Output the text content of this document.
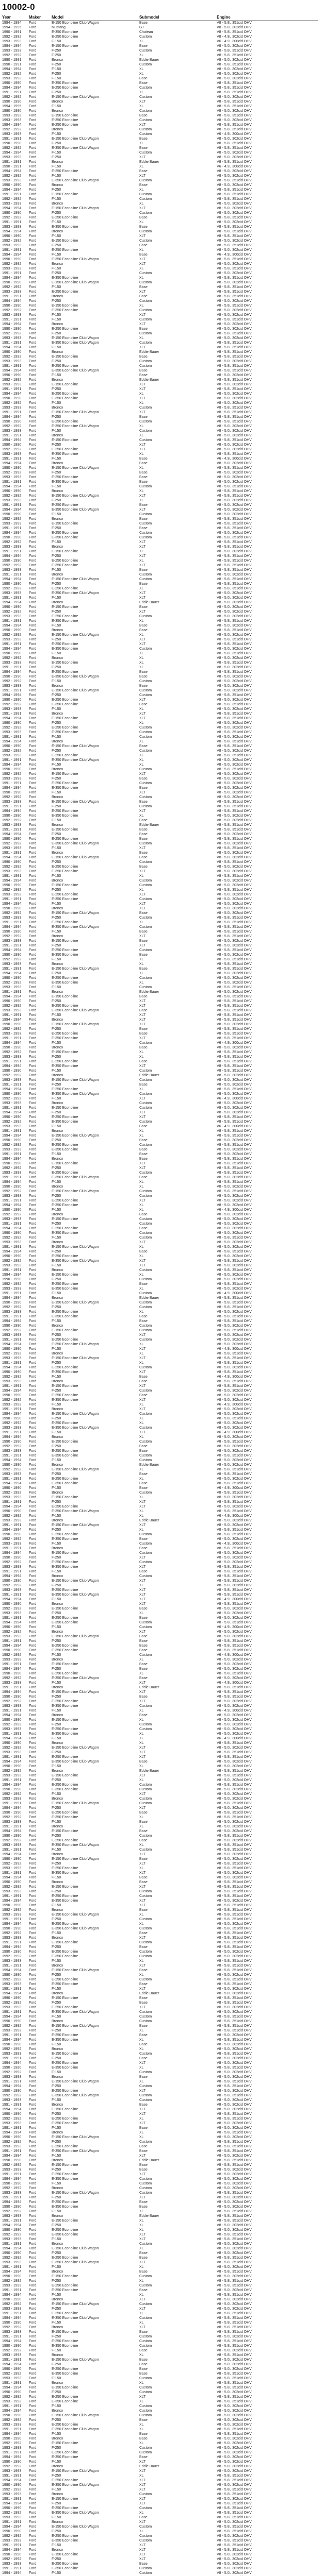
10002-0
Year	Maker	Model	Submodel	Engine
1994 - 1994	Ford	E-150 Econoline Club Wagon	Base	V8 - 5.8L 351cid OHV
1994 - 1995	Ford	Mustang	GT	V8 - 5.0L 302cid OHV
1990 - 1991	Ford	E-350 Econoline	Chateau	V8 - 5.8L 351cid OHV
1992 - 1992	Ford	E-250 Econoline	Custom	V8 - 4.9L 302cid OHV
1993 - 1993	Ford	F-150	XL	V6 - 4.9L 300cid OHV
1994 - 1994	Ford	E-150 Econoline	Base	V8 - 5.0L 302cid OHV
1993 - 1993	Ford	F-250	Custom	V8 - 5.8L 351cid OHV
1992 - 1992	Ford	F-250	XL	V8 - 5.8L 351cid OHV
1990 - 1991	Ford	Bronco	Eddie Bauer	V8 - 5.0L 302cid OHV
1990 - 1991	Ford	F-250	Custom	V8 - 5.8L 351cid OHV
1994 - 1994	Ford	F-150	XL	V8 - 5.0L 302cid OHV
1992 - 1992	Ford	F-250	XL	V8 - 5.0L 302cid OHV
1993 - 1993	Ford	F-150	Base	V8 - 5.0L 302cid OHV
1990 - 1990	Ford	E-350 Econoline	Base	V8 - 5.8L 351cid OHV
1994 - 1994	Ford	E-250 Econoline	Custom	V8 - 5.8L 351cid OHV
1991 - 1991	Ford	F-250	XL	V8 - 5.8L 351cid OHV
1992 - 1992	Ford	E-150 Econoline Club Wagon	Custom	V8 - 5.0L 302cid OHV
1990 - 1990	Ford	Bronco	XLT	V8 - 5.8L 351cid OHV
1994 - 1995	Ford	F-150	XL	V8 - 5.8L 351cid OHV
1990 - 1990	Ford	Bronco	Custom	V8 - 5.0L 302cid OHV
1993 - 1993	Ford	E-150 Econoline	Base	V8 - 5.8L 351cid OHV
1993 - 1993	Ford	E-350 Econoline	Custom	V8 - 5.0L 302cid OHV
1994 - 1994	Ford	E-250 Econoline	XLT	V8 - 5.8L 351cid OHV
1992 - 1992	Ford	Bronco	Custom	V8 - 5.8L 351cid OHV
1993 - 1993	Ford	F-150	Custom	V6 - 4.9L 300cid OHV
1991 - 1991	Ford	E-150 Econoline Club Wagon	Base	V8 - 5.0L 302cid OHV
1990 - 1990	Ford	F-250	XL	V8 - 5.8L 351cid OHV
1992 - 1992	Ford	E-350 Econoline Club Wagon	Base	V8 - 5.8L 351cid OHV
1994 - 1994	Ford	F-150	Custom	V8 - 5.0L 302cid OHV
1993 - 1993	Ford	F-250	XLT	V8 - 5.0L 302cid OHV
1991 - 1991	Ford	Bronco	Eddie Bauer	V8 - 5.8L 351cid OHV
1990 - 1991	Ford	F-150	XL	V6 - 4.9L 300cid OHV
1994 - 1994	Ford	E-250 Econoline	Base	V8 - 5.0L 302cid OHV
1992 - 1992	Ford	F-150	XLT	V8 - 5.0L 302cid OHV
1993 - 1993	Ford	E-350 Econoline Club Wagon	Custom	V8 - 5.8L 351cid OHV
1990 - 1990	Ford	Bronco	Base	V8 - 5.0L 302cid OHV
1994 - 1994	Ford	F-250	XL	V8 - 5.8L 351cid OHV
1991 - 1991	Ford	E-150 Econoline	Custom	V8 - 5.8L 351cid OHV
1992 - 1992	Ford	F-150	Custom	V8 - 5.8L 351cid OHV
1993 - 1993	Ford	Bronco	XL	V8 - 5.0L 302cid OHV
1994 - 1994	Ford	E-150 Econoline Club Wagon	XLT	V8 - 5.0L 302cid OHV
1990 - 1990	Ford	F-250	Custom	V8 - 5.0L 302cid OHV
1992 - 1992	Ford	E-250 Econoline	Base	V8 - 5.8L 351cid OHV
1991 - 1991	Ford	F-150	XL	V8 - 5.0L 302cid OHV
1993 - 1993	Ford	E-350 Econoline	Base	V8 - 5.8L 351cid OHV
1994 - 1994	Ford	Bronco	Custom	V8 - 5.8L 351cid OHV
1990 - 1990	Ford	F-150	XLT	V8 - 5.8L 351cid OHV
1992 - 1992	Ford	E-150 Econoline	Custom	V8 - 5.0L 302cid OHV
1993 - 1993	Ford	F-250	Base	V8 - 5.8L 351cid OHV
1991 - 1991	Ford	E-250 Econoline	XL	V8 - 5.0L 302cid OHV
1994 - 1994	Ford	F-150	Base	V6 - 4.9L 300cid OHV
1990 - 1990	Ford	E-350 Econoline Club Wagon	XLT	V8 - 5.8L 351cid OHV
1992 - 1992	Ford	Bronco	XLT	V8 - 5.0L 302cid OHV
1993 - 1993	Ford	F-150	XL	V8 - 5.8L 351cid OHV
1991 - 1991	Ford	F-250	Custom	V8 - 5.0L 302cid OHV
1994 - 1994	Ford	E-350 Econoline	XL	V8 - 5.8L 351cid OHV
1990 - 1990	Ford	E-150 Econoline Club Wagon	Custom	V8 - 5.0L 302cid OHV
1992 - 1992	Ford	F-150	Base	V8 - 5.8L 351cid OHV
1993 - 1993	Ford	E-250 Econoline	XLT	V8 - 5.8L 351cid OHV
1991 - 1991	Ford	Bronco	Base	V8 - 5.8L 351cid OHV
1994 - 1994	Ford	F-250	Custom	V8 - 5.0L 302cid OHV
1990 - 1990	Ford	E-150 Econoline	XL	V8 - 5.8L 351cid OHV
1992 - 1992	Ford	E-350 Econoline	Custom	V8 - 5.0L 302cid OHV
1993 - 1993	Ford	F-150	XLT	V8 - 5.0L 302cid OHV
1991 - 1991	Ford	F-150	Custom	V8 - 5.8L 351cid OHV
1994 - 1994	Ford	Bronco	XLT	V8 - 5.0L 302cid OHV
1990 - 1990	Ford	E-250 Econoline	Base	V8 - 5.0L 302cid OHV
1992 - 1992	Ford	F-250	Custom	V8 - 5.8L 351cid OHV
1993 - 1993	Ford	E-150 Econoline Club Wagon	XL	V8 - 5.0L 302cid OHV
1991 - 1991	Ford	E-350 Econoline Club Wagon	Custom	V8 - 5.8L 351cid OHV
1994 - 1994	Ford	F-150	XLT	V8 - 5.8L 351cid OHV
1990 - 1990	Ford	Bronco	Eddie Bauer	V8 - 5.8L 351cid OHV
1992 - 1992	Ford	E-150 Econoline	Base	V8 - 5.8L 351cid OHV
1993 - 1993	Ford	F-250	Custom	V8 - 5.0L 302cid OHV
1991 - 1991	Ford	E-250 Econoline	Custom	V8 - 5.8L 351cid OHV
1994 - 1994	Ford	E-350 Econoline Club Wagon	Base	V8 - 5.8L 351cid OHV
1990 - 1990	Ford	F-150	Base	V8 - 5.0L 302cid OHV
1992 - 1992	Ford	Bronco	Eddie Bauer	V8 - 5.8L 351cid OHV
1993 - 1993	Ford	E-150 Econoline	XLT	V8 - 5.0L 302cid OHV
1991 - 1991	Ford	F-250	XLT	V8 - 5.8L 351cid OHV
1994 - 1994	Ford	E-250 Econoline	XL	V8 - 5.0L 302cid OHV
1990 - 1990	Ford	E-350 Econoline	XLT	V8 - 5.0L 302cid OHV
1992 - 1992	Ford	F-150	XL	V8 - 5.0L 302cid OHV
1993 - 1993	Ford	Bronco	Custom	V8 - 5.8L 351cid OHV
1991 - 1991	Ford	E-150 Econoline Club Wagon	XLT	V8 - 5.8L 351cid OHV
1994 - 1994	Ford	F-250	Base	V8 - 5.8L 351cid OHV
1990 - 1990	Ford	E-250 Econoline	Custom	V8 - 5.8L 351cid OHV
1992 - 1992	Ford	E-350 Econoline Club Wagon	XL	V8 - 5.0L 302cid OHV
1993 - 1993	Ford	F-150	Custom	V8 - 5.0L 302cid OHV
1991 - 1991	Ford	Bronco	XL	V8 - 5.0L 302cid OHV
1994 - 1994	Ford	E-150 Econoline	Custom	V8 - 5.8L 351cid OHV
1990 - 1990	Ford	F-250	XLT	V8 - 5.0L 302cid OHV
1992 - 1992	Ford	E-250 Econoline	XLT	V8 - 5.0L 302cid OHV
1993 - 1993	Ford	E-350 Econoline	XL	V8 - 5.8L 351cid OHV
1991 - 1991	Ford	F-150	Base	V6 - 4.9L 300cid OHV
1994 - 1994	Ford	Bronco	Base	V8 - 5.0L 302cid OHV
1990 - 1990	Ford	E-150 Econoline Club Wagon	XL	V8 - 5.8L 351cid OHV
1992 - 1992	Ford	F-250	Base	V8 - 5.0L 302cid OHV
1993 - 1993	Ford	E-250 Econoline	Base	V8 - 5.0L 302cid OHV
1991 - 1991	Ford	E-350 Econoline	Base	V8 - 5.0L 302cid OHV
1994 - 1994	Ford	F-150	Custom	V8 - 5.8L 351cid OHV
1990 - 1990	Ford	Bronco	XL	V8 - 5.8L 351cid OHV
1992 - 1992	Ford	E-150 Econoline Club Wagon	XLT	V8 - 5.8L 351cid OHV
1993 - 1993	Ford	F-250	XL	V8 - 5.0L 302cid OHV
1991 - 1991	Ford	E-250 Econoline	Base	V8 - 5.0L 302cid OHV
1994 - 1994	Ford	E-350 Econoline Club Wagon	XLT	V8 - 5.0L 302cid OHV
1990 - 1990	Ford	F-150	Custom	V8 - 5.0L 302cid OHV
1992 - 1992	Ford	Bronco	Base	V8 - 5.8L 351cid OHV
1993 - 1993	Ford	E-150 Econoline	Custom	V8 - 5.8L 351cid OHV
1991 - 1991	Ford	F-250	Base	V8 - 5.8L 351cid OHV
1994 - 1994	Ford	E-250 Econoline	Custom	V8 - 5.0L 302cid OHV
1990 - 1990	Ford	E-350 Econoline	Custom	V8 - 5.8L 351cid OHV
1992 - 1992	Ford	F-150	XLT	V8 - 5.8L 351cid OHV
1993 - 1993	Ford	Bronco	XLT	V8 - 5.8L 351cid OHV
1991 - 1991	Ford	E-150 Econoline	XL	V8 - 5.0L 302cid OHV
1994 - 1994	Ford	F-250	XLT	V8 - 5.8L 351cid OHV
1990 - 1990	Ford	E-250 Econoline	XL	V8 - 5.8L 351cid OHV
1992 - 1992	Ford	E-350 Econoline	XLT	V8 - 5.8L 351cid OHV
1993 - 1993	Ford	F-150	Base	V8 - 5.8L 351cid OHV
1991 - 1991	Ford	Bronco	Custom	V8 - 5.0L 302cid OHV
1994 - 1994	Ford	E-150 Econoline Club Wagon	Custom	V8 - 5.8L 351cid OHV
1990 - 1990	Ford	F-250	Base	V8 - 5.8L 351cid OHV
1992 - 1992	Ford	E-250 Econoline	XL	V8 - 5.8L 351cid OHV
1993 - 1993	Ford	E-350 Econoline Club Wagon	XLT	V8 - 5.0L 302cid OHV
1991 - 1991	Ford	F-150	XLT	V8 - 5.0L 302cid OHV
1994 - 1994	Ford	Bronco	Eddie Bauer	V8 - 5.0L 302cid OHV
1990 - 1990	Ford	E-150 Econoline	Base	V8 - 5.0L 302cid OHV
1992 - 1992	Ford	F-250	XLT	V8 - 5.0L 302cid OHV
1993 - 1993	Ford	E-250 Econoline	Custom	V8 - 5.0L 302cid OHV
1991 - 1991	Ford	E-350 Econoline	XL	V8 - 5.8L 351cid OHV
1994 - 1994	Ford	F-150	Base	V8 - 5.0L 302cid OHV
1990 - 1990	Ford	Bronco	Base	V8 - 5.8L 351cid OHV
1992 - 1992	Ford	E-150 Econoline Club Wagon	XL	V8 - 5.0L 302cid OHV
1993 - 1993	Ford	F-250	XLT	V8 - 5.8L 351cid OHV
1991 - 1991	Ford	E-250 Econoline	XLT	V8 - 5.8L 351cid OHV
1994 - 1994	Ford	E-350 Econoline	Custom	V8 - 5.0L 302cid OHV
1990 - 1990	Ford	F-150	XL	V8 - 5.8L 351cid OHV
1992 - 1992	Ford	Bronco	XL	V8 - 5.0L 302cid OHV
1993 - 1993	Ford	E-150 Econoline	XL	V8 - 5.8L 351cid OHV
1991 - 1991	Ford	F-250	XL	V8 - 5.0L 302cid OHV
1994 - 1994	Ford	E-250 Econoline	Base	V8 - 5.8L 351cid OHV
1990 - 1990	Ford	E-350 Econoline Club Wagon	Base	V8 - 5.0L 302cid OHV
1992 - 1992	Ford	F-150	Custom	V8 - 5.0L 302cid OHV
1993 - 1993	Ford	Bronco	Base	V8 - 5.0L 302cid OHV
1991 - 1991	Ford	E-150 Econoline Club Wagon	Custom	V8 - 5.0L 302cid OHV
1994 - 1994	Ford	F-250	Custom	V8 - 5.8L 351cid OHV
1990 - 1990	Ford	E-250 Econoline	XLT	V8 - 5.0L 302cid OHV
1992 - 1992	Ford	E-350 Econoline	Base	V8 - 5.8L 351cid OHV
1993 - 1993	Ford	F-150	XL	V8 - 5.0L 302cid OHV
1991 - 1991	Ford	Bronco	XLT	V8 - 5.8L 351cid OHV
1994 - 1994	Ford	E-150 Econoline	XLT	V8 - 5.8L 351cid OHV
1990 - 1990	Ford	F-250	XL	V8 - 5.0L 302cid OHV
1992 - 1992	Ford	E-250 Econoline	Custom	V8 - 5.0L 302cid OHV
1993 - 1993	Ford	E-350 Econoline	Custom	V8 - 5.8L 351cid OHV
1991 - 1991	Ford	F-150	Custom	V8 - 5.0L 302cid OHV
1994 - 1994	Ford	Bronco	XL	V8 - 5.8L 351cid OHV
1990 - 1990	Ford	E-150 Econoline Club Wagon	Base	V8 - 5.8L 351cid OHV
1992 - 1992	Ford	F-250	Custom	V8 - 5.0L 302cid OHV
1993 - 1993	Ford	E-250 Econoline	XL	V8 - 5.8L 351cid OHV
1991 - 1991	Ford	E-350 Econoline Club Wagon	XL	V8 - 5.0L 302cid OHV
1994 - 1994	Ford	F-150	XL	V8 - 5.0L 302cid OHV
1990 - 1990	Ford	Bronco	Custom	V8 - 5.8L 351cid OHV
1992 - 1992	Ford	E-150 Econoline	XLT	V8 - 5.0L 302cid OHV
1993 - 1993	Ford	F-250	Base	V8 - 5.0L 302cid OHV
1991 - 1991	Ford	E-250 Econoline	Custom	V8 - 5.0L 302cid OHV
1994 - 1994	Ford	E-350 Econoline	Base	V8 - 5.0L 302cid OHV
1990 - 1990	Ford	F-150	XLT	V8 - 5.0L 302cid OHV
1992 - 1992	Ford	Bronco	Custom	V8 - 5.0L 302cid OHV
1993 - 1993	Ford	E-150 Econoline Club Wagon	Base	V8 - 5.8L 351cid OHV
1991 - 1991	Ford	F-250	Custom	V8 - 5.8L 351cid OHV
1994 - 1994	Ford	E-250 Econoline	XLT	V8 - 5.8L 351cid OHV
1990 - 1990	Ford	E-350 Econoline	XL	V8 - 5.0L 302cid OHV
1992 - 1992	Ford	F-150	Base	V8 - 5.0L 302cid OHV
1993 - 1993	Ford	Bronco	Eddie Bauer	V8 - 5.8L 351cid OHV
1991 - 1991	Ford	E-150 Econoline	Base	V8 - 5.8L 351cid OHV
1994 - 1994	Ford	F-250	Base	V8 - 5.0L 302cid OHV
1990 - 1990	Ford	E-250 Econoline	Base	V8 - 5.8L 351cid OHV
1992 - 1992	Ford	E-350 Econoline Club Wagon	Custom	V8 - 5.0L 302cid OHV
1993 - 1993	Ford	F-150	XLT	V8 - 5.8L 351cid OHV
1991 - 1991	Ford	Bronco	Base	V8 - 5.0L 302cid OHV
1994 - 1994	Ford	E-150 Econoline Club Wagon	Base	V8 - 5.0L 302cid OHV
1990 - 1990	Ford	F-250	Custom	V8 - 5.8L 351cid OHV
1992 - 1992	Ford	E-250 Econoline	Base	V8 - 5.0L 302cid OHV
1993 - 1993	Ford	E-350 Econoline	XLT	V8 - 5.0L 302cid OHV
1991 - 1991	Ford	F-150	XL	V8 - 5.8L 351cid OHV
1994 - 1994	Ford	Bronco	Custom	V8 - 5.0L 302cid OHV
1990 - 1990	Ford	E-150 Econoline	Custom	V8 - 5.0L 302cid OHV
1992 - 1992	Ford	F-250	XL	V8 - 5.8L 351cid OHV
1993 - 1993	Ford	E-250 Econoline	XLT	V8 - 5.0L 302cid OHV
1991 - 1991	Ford	E-350 Econoline	Custom	V8 - 5.0L 302cid OHV
1994 - 1994	Ford	F-150	XLT	V8 - 5.0L 302cid OHV
1990 - 1990	Ford	Bronco	XLT	V8 - 5.0L 302cid OHV
1992 - 1992	Ford	E-150 Econoline Club Wagon	Base	V8 - 5.0L 302cid OHV
1993 - 1993	Ford	F-250	Custom	V8 - 5.8L 351cid OHV
1991 - 1991	Ford	E-250 Econoline	XL	V8 - 5.8L 351cid OHV
1994 - 1994	Ford	E-350 Econoline Club Wagon	Custom	V8 - 5.8L 351cid OHV
1990 - 1990	Ford	F-150	Base	V8 - 5.8L 351cid OHV
1992 - 1992	Ford	Bronco	XLT	V8 - 5.8L 351cid OHV
1993 - 1993	Ford	E-150 Econoline	Base	V8 - 5.0L 302cid OHV
1991 - 1991	Ford	F-250	XLT	V8 - 5.0L 302cid OHV
1994 - 1994	Ford	E-250 Econoline	Custom	V8 - 5.8L 351cid OHV
1990 - 1990	Ford	E-350 Econoline	Base	V8 - 5.0L 302cid OHV
1992 - 1992	Ford	F-150	XL	V8 - 5.8L 351cid OHV
1993 - 1993	Ford	Bronco	XL	V8 - 5.8L 351cid OHV
1991 - 1991	Ford	E-150 Econoline Club Wagon	Base	V8 - 5.8L 351cid OHV
1994 - 1994	Ford	F-250	XL	V8 - 5.0L 302cid OHV
1990 - 1990	Ford	E-250 Econoline	Custom	V8 - 5.0L 302cid OHV
1992 - 1992	Ford	E-350 Econoline	XL	V8 - 5.0L 302cid OHV
1993 - 1993	Ford	F-150	Custom	V8 - 5.8L 351cid OHV
1991 - 1991	Ford	Bronco	Eddie Bauer	V8 - 5.0L 302cid OHV
1994 - 1994	Ford	E-150 Econoline	Base	V8 - 5.8L 351cid OHV
1990 - 1990	Ford	F-250	XLT	V8 - 5.8L 351cid OHV
1992 - 1992	Ford	E-250 Econoline	XLT	V8 - 5.8L 351cid OHV
1993 - 1993	Ford	E-350 Econoline Club Wagon	Base	V8 - 5.8L 351cid OHV
1991 - 1991	Ford	F-150	XLT	V8 - 5.8L 351cid OHV
1994 - 1994	Ford	Bronco	XLT	V8 - 5.8L 351cid OHV
1990 - 1990	Ford	E-150 Econoline Club Wagon	XLT	V8 - 5.0L 302cid OHV
1992 - 1992	Ford	F-250	Base	V8 - 5.8L 351cid OHV
1993 - 1993	Ford	E-250 Econoline	Base	V8 - 5.8L 351cid OHV
1991 - 1991	Ford	E-350 Econoline	XLT	V8 - 5.8L 351cid OHV
1994 - 1994	Ford	F-150	Custom	V6 - 4.9L 300cid OHV
1990 - 1990	Ford	Bronco	Base	V8 - 5.0L 302cid OHV
1992 - 1992	Ford	E-150 Econoline	XL	V8 - 5.8L 351cid OHV
1993 - 1993	Ford	F-250	XL	V8 - 5.8L 351cid OHV
1991 - 1991	Ford	E-250 Econoline	Base	V8 - 5.8L 351cid OHV
1994 - 1994	Ford	E-350 Econoline	XLT	V8 - 5.8L 351cid OHV
1990 - 1990	Ford	F-150	Custom	V8 - 5.8L 351cid OHV
1992 - 1992	Ford	Bronco	Eddie Bauer	V8 - 5.0L 302cid OHV
1993 - 1993	Ford	E-150 Econoline Club Wagon	Custom	V8 - 5.0L 302cid OHV
1991 - 1991	Ford	F-250	Base	V8 - 5.0L 302cid OHV
1994 - 1994	Ford	E-250 Econoline	XL	V8 - 5.8L 351cid OHV
1990 - 1990	Ford	E-350 Econoline Club Wagon	Custom	V8 - 5.0L 302cid OHV
1992 - 1992	Ford	F-150	XLT	V6 - 4.9L 300cid OHV
1993 - 1993	Ford	Bronco	Custom	V8 - 5.0L 302cid OHV
1991 - 1991	Ford	E-150 Econoline	Custom	V8 - 5.0L 302cid OHV
1994 - 1994	Ford	F-250	XLT	V8 - 5.0L 302cid OHV
1990 - 1990	Ford	E-250 Econoline	XLT	V8 - 5.8L 351cid OHV
1992 - 1992	Ford	E-350 Econoline	Custom	V8 - 5.8L 351cid OHV
1993 - 1993	Ford	F-150	Base	V6 - 4.9L 300cid OHV
1991 - 1991	Ford	Bronco	XL	V8 - 5.8L 351cid OHV
1994 - 1994	Ford	E-150 Econoline Club Wagon	XL	V8 - 5.8L 351cid OHV
1990 - 1990	Ford	F-250	Base	V8 - 5.0L 302cid OHV
1992 - 1992	Ford	E-250 Econoline	Custom	V8 - 5.8L 351cid OHV
1993 - 1993	Ford	E-350 Econoline	Base	V8 - 5.0L 302cid OHV
1991 - 1991	Ford	F-150	Base	V8 - 5.0L 302cid OHV
1994 - 1994	Ford	Bronco	Base	V8 - 5.8L 351cid OHV
1990 - 1990	Ford	E-150 Econoline	XLT	V8 - 5.8L 351cid OHV
1992 - 1992	Ford	F-250	XLT	V8 - 5.8L 351cid OHV
1993 - 1993	Ford	E-250 Econoline	Custom	V8 - 5.8L 351cid OHV
1991 - 1991	Ford	E-350 Econoline Club Wagon	Base	V8 - 5.0L 302cid OHV
1994 - 1994	Ford	F-150	XL	V8 - 5.8L 351cid OHV
1990 - 1990	Ford	Bronco	XL	V8 - 5.0L 302cid OHV
1992 - 1992	Ford	E-150 Econoline Club Wagon	Custom	V8 - 5.8L 351cid OHV
1993 - 1993	Ford	F-250	Custom	V8 - 5.0L 302cid OHV
1991 - 1991	Ford	E-250 Econoline	XLT	V8 - 5.0L 302cid OHV
1994 - 1994	Ford	E-350 Econoline	XL	V8 - 5.0L 302cid OHV
1990 - 1990	Ford	F-150	XL	V6 - 4.9L 300cid OHV
1992 - 1992	Ford	Bronco	Base	V8 - 5.0L 302cid OHV
1993 - 1993	Ford	E-150 Econoline	Custom	V8 - 5.0L 302cid OHV
1991 - 1991	Ford	F-250	Custom	V8 - 5.0L 302cid OHV
1994 - 1994	Ford	E-250 Econoline	Base	V8 - 5.0L 302cid OHV
1990 - 1990	Ford	E-350 Econoline	Custom	V8 - 5.0L 302cid OHV
1992 - 1992	Ford	F-150	Custom	V8 - 5.8L 351cid OHV
1993 - 1993	Ford	Bronco	XLT	V8 - 5.0L 302cid OHV
1991 - 1991	Ford	E-150 Econoline Club Wagon	XL	V8 - 5.0L 302cid OHV
1994 - 1994	Ford	F-250	Base	V8 - 5.8L 351cid OHV
1990 - 1990	Ford	E-250 Econoline	XL	V8 - 5.0L 302cid OHV
1992 - 1992	Ford	E-350 Econoline Club Wagon	XLT	V8 - 5.8L 351cid OHV
1993 - 1993	Ford	F-150	XLT	V8 - 5.0L 302cid OHV
1991 - 1991	Ford	Bronco	Custom	V8 - 5.8L 351cid OHV
1994 - 1994	Ford	E-150 Econoline	XL	V8 - 5.0L 302cid OHV
1990 - 1990	Ford	F-250	Custom	V8 - 5.0L 302cid OHV
1992 - 1992	Ford	E-250 Econoline	Base	V8 - 5.8L 351cid OHV
1993 - 1993	Ford	E-350 Econoline	XL	V8 - 5.0L 302cid OHV
1991 - 1991	Ford	F-150	Custom	V6 - 4.9L 300cid OHV
1994 - 1994	Ford	Bronco	Eddie Bauer	V8 - 5.8L 351cid OHV
1990 - 1990	Ford	E-150 Econoline Club Wagon	Custom	V8 - 5.8L 351cid OHV
1992 - 1992	Ford	F-250	Custom	V8 - 5.8L 351cid OHV
1993 - 1993	Ford	E-250 Econoline	XL	V8 - 5.0L 302cid OHV
1991 - 1991	Ford	E-350 Econoline	Base	V8 - 5.8L 351cid OHV
1994 - 1994	Ford	F-150	Base	V8 - 5.8L 351cid OHV
1990 - 1990	Ford	Bronco	Custom	V8 - 5.0L 302cid OHV
1992 - 1992	Ford	E-150 Econoline	Custom	V8 - 5.8L 351cid OHV
1993 - 1993	Ford	F-250	XLT	V8 - 5.0L 302cid OHV
1991 - 1991	Ford	E-250 Econoline	Custom	V8 - 5.0L 302cid OHV
1994 - 1994	Ford	E-350 Econoline Club Wagon	XL	V8 - 5.0L 302cid OHV
1990 - 1990	Ford	F-150	XLT	V6 - 4.9L 300cid OHV
1992 - 1992	Ford	Bronco	XL	V8 - 5.8L 351cid OHV
1993 - 1993	Ford	E-150 Econoline Club Wagon	XLT	V8 - 5.8L 351cid OHV
1991 - 1991	Ford	F-250	XL	V8 - 5.8L 351cid OHV
1994 - 1994	Ford	E-250 Econoline	Custom	V8 - 5.0L 302cid OHV
1990 - 1990	Ford	E-350 Econoline	XLT	V8 - 5.8L 351cid OHV
1992 - 1992	Ford	F-150	Base	V6 - 4.9L 300cid OHV
1993 - 1993	Ford	Bronco	Base	V8 - 5.8L 351cid OHV
1991 - 1991	Ford	E-150 Econoline	XLT	V8 - 5.8L 351cid OHV
1994 - 1994	Ford	F-250	Custom	V8 - 5.0L 302cid OHV
1990 - 1990	Ford	E-250 Econoline	Base	V8 - 5.0L 302cid OHV
1992 - 1992	Ford	E-350 Econoline	XLT	V8 - 5.0L 302cid OHV
1993 - 1993	Ford	F-150	XL	V6 - 4.9L 300cid OHV
1991 - 1991	Ford	Bronco	XLT	V8 - 5.0L 302cid OHV
1994 - 1994	Ford	E-150 Econoline Club Wagon	Custom	V8 - 5.0L 302cid OHV
1990 - 1990	Ford	F-250	XL	V8 - 5.8L 351cid OHV
1992 - 1992	Ford	E-250 Econoline	XL	V8 - 5.0L 302cid OHV
1993 - 1993	Ford	E-350 Econoline Club Wagon	Custom	V8 - 5.0L 302cid OHV
1991 - 1991	Ford	F-150	XLT	V6 - 4.9L 300cid OHV
1994 - 1994	Ford	Bronco	XL	V8 - 5.0L 302cid OHV
1990 - 1990	Ford	E-150 Econoline	Custom	V8 - 5.8L 351cid OHV
1992 - 1992	Ford	F-250	Base	V8 - 5.0L 302cid OHV
1993 - 1993	Ford	E-250 Econoline	Base	V8 - 5.0L 302cid OHV
1991 - 1991	Ford	E-350 Econoline	Custom	V8 - 5.8L 351cid OHV
1994 - 1994	Ford	F-150	Custom	V8 - 5.0L 302cid OHV
1990 - 1990	Ford	Bronco	Eddie Bauer	V8 - 5.0L 302cid OHV
1992 - 1992	Ford	E-150 Econoline Club Wagon	XL	V8 - 5.8L 351cid OHV
1993 - 1993	Ford	F-250	Base	V8 - 5.8L 351cid OHV
1991 - 1991	Ford	E-250 Econoline	XL	V8 - 5.0L 302cid OHV
1994 - 1994	Ford	E-350 Econoline	Base	V8 - 5.8L 351cid OHV
1990 - 1990	Ford	F-150	Base	V6 - 4.9L 300cid OHV
1992 - 1992	Ford	Bronco	Custom	V8 - 5.8L 351cid OHV
1993 - 1993	Ford	E-150 Econoline	XL	V8 - 5.0L 302cid OHV
1991 - 1991	Ford	F-250	XLT	V8 - 5.8L 351cid OHV
1994 - 1994	Ford	E-250 Econoline	XLT	V8 - 5.0L 302cid OHV
1990 - 1990	Ford	E-350 Econoline Club Wagon	XL	V8 - 5.8L 351cid OHV
1992 - 1992	Ford	F-150	XL	V6 - 4.9L 300cid OHV
1993 - 1993	Ford	Bronco	Eddie Bauer	V8 - 5.0L 302cid OHV
1991 - 1991	Ford	E-150 Econoline Club Wagon	XLT	V8 - 5.0L 302cid OHV
1994 - 1994	Ford	F-250	XL	V8 - 5.8L 351cid OHV
1990 - 1990	Ford	E-250 Econoline	Custom	V8 - 5.8L 351cid OHV
1992 - 1992	Ford	E-350 Econoline	Base	V8 - 5.0L 302cid OHV
1993 - 1993	Ford	F-150	Custom	V6 - 4.9L 300cid OHV
1991 - 1991	Ford	Bronco	Base	V8 - 5.8L 351cid OHV
1994 - 1994	Ford	E-150 Econoline	Custom	V8 - 5.0L 302cid OHV
1990 - 1990	Ford	F-250	XLT	V8 - 5.0L 302cid OHV
1992 - 1992	Ford	E-250 Econoline	Custom	V8 - 5.0L 302cid OHV
1993 - 1993	Ford	E-350 Econoline	XLT	V8 - 5.8L 351cid OHV
1991 - 1991	Ford	F-150	Base	V8 - 5.8L 351cid OHV
1994 - 1994	Ford	Bronco	Custom	V8 - 5.8L 351cid OHV
1990 - 1990	Ford	E-150 Econoline Club Wagon	XLT	V8 - 5.8L 351cid OHV
1992 - 1992	Ford	F-250	XL	V8 - 5.0L 302cid OHV
1993 - 1993	Ford	E-250 Econoline	XLT	V8 - 5.8L 351cid OHV
1991 - 1991	Ford	E-350 Econoline Club Wagon	XLT	V8 - 5.8L 351cid OHV
1994 - 1994	Ford	F-150	XLT	V6 - 4.9L 300cid OHV
1990 - 1990	Ford	Bronco	XLT	V8 - 5.8L 351cid OHV
1992 - 1992	Ford	E-150 Econoline	Base	V8 - 5.0L 302cid OHV
1993 - 1993	Ford	F-250	XL	V8 - 5.0L 302cid OHV
1991 - 1991	Ford	E-250 Econoline	Base	V8 - 5.0L 302cid OHV
1994 - 1994	Ford	E-350 Econoline	Custom	V8 - 5.8L 351cid OHV
1990 - 1990	Ford	F-150	Custom	V6 - 4.9L 300cid OHV
1992 - 1992	Ford	Bronco	XLT	V8 - 5.0L 302cid OHV
1993 - 1993	Ford	E-150 Econoline Club Wagon	Base	V8 - 5.0L 302cid OHV
1991 - 1991	Ford	F-250	Base	V8 - 5.8L 351cid OHV
1994 - 1994	Ford	E-250 Econoline	Base	V8 - 5.8L 351cid OHV
1990 - 1990	Ford	E-350 Econoline	Base	V8 - 5.8L 351cid OHV
1992 - 1992	Ford	F-150	Custom	V6 - 4.9L 300cid OHV
1993 - 1993	Ford	Bronco	XL	V8 - 5.0L 302cid OHV
1991 - 1991	Ford	E-150 Econoline	Base	V8 - 5.0L 302cid OHV
1994 - 1994	Ford	F-250	Base	V8 - 5.0L 302cid OHV
1990 - 1990	Ford	E-250 Econoline	XL	V8 - 5.8L 351cid OHV
1992 - 1992	Ford	E-350 Econoline Club Wagon	Base	V8 - 5.0L 302cid OHV
1993 - 1993	Ford	F-150	XLT	V6 - 4.9L 300cid OHV
1991 - 1991	Ford	Bronco	Eddie Bauer	V8 - 5.8L 351cid OHV
1994 - 1994	Ford	E-150 Econoline Club Wagon	XLT	V8 - 5.8L 351cid OHV
1990 - 1990	Ford	F-250	Base	V8 - 5.8L 351cid OHV
1992 - 1992	Ford	E-250 Econoline	XLT	V8 - 5.0L 302cid OHV
1993 - 1993	Ford	E-350 Econoline	Custom	V8 - 5.0L 302cid OHV
1991 - 1991	Ford	F-150	XL	V6 - 4.9L 300cid OHV
1994 - 1994	Ford	Bronco	Base	V8 - 5.0L 302cid OHV
1990 - 1990	Ford	E-150 Econoline	XL	V8 - 5.0L 302cid OHV
1992 - 1992	Ford	F-250	Custom	V8 - 5.0L 302cid OHV
1993 - 1993	Ford	E-250 Econoline	Custom	V8 - 5.0L 302cid OHV
1991 - 1991	Ford	E-350 Econoline	XL	V8 - 5.0L 302cid OHV
1994 - 1994	Ford	F-150	XL	V6 - 4.9L 300cid OHV
1990 - 1990	Ford	Bronco	XL	V8 - 5.8L 351cid OHV
1992 - 1992	Ford	E-150 Econoline Club Wagon	XLT	V8 - 5.0L 302cid OHV
1993 - 1993	Ford	F-250	XLT	V8 - 5.8L 351cid OHV
1991 - 1991	Ford	E-250 Econoline	XLT	V8 - 5.8L 351cid OHV
1994 - 1994	Ford	E-350 Econoline Club Wagon	Base	V8 - 5.0L 302cid OHV
1990 - 1990	Ford	F-150	XL	V8 - 5.0L 302cid OHV
1992 - 1992	Ford	Bronco	Eddie Bauer	V8 - 5.8L 351cid OHV
1993 - 1993	Ford	E-150 Econoline	XLT	V8 - 5.8L 351cid OHV
1991 - 1991	Ford	F-250	XL	V8 - 5.0L 302cid OHV
1994 - 1994	Ford	E-250 Econoline	Custom	V8 - 5.8L 351cid OHV
1990 - 1990	Ford	E-350 Econoline	Custom	V8 - 5.0L 302cid OHV
1992 - 1992	Ford	F-150	XLT	V8 - 5.0L 302cid OHV
1993 - 1993	Ford	Bronco	Custom	V8 - 5.0L 302cid OHV
1991 - 1991	Ford	E-150 Econoline Club Wagon	Custom	V8 - 5.8L 351cid OHV
1994 - 1994	Ford	F-250	XLT	V8 - 5.0L 302cid OHV
1990 - 1990	Ford	E-250 Econoline	Base	V8 - 5.8L 351cid OHV
1992 - 1992	Ford	E-350 Econoline	XL	V8 - 5.8L 351cid OHV
1993 - 1993	Ford	F-150	Base	V8 - 5.0L 302cid OHV
1991 - 1991	Ford	Bronco	XL	V8 - 5.0L 302cid OHV
1994 - 1994	Ford	E-150 Econoline	Base	V8 - 5.0L 302cid OHV
1990 - 1990	Ford	F-250	Custom	V8 - 5.8L 351cid OHV
1992 - 1992	Ford	E-250 Econoline	Base	V8 - 5.0L 302cid OHV
1993 - 1993	Ford	E-350 Econoline Club Wagon	XL	V8 - 5.8L 351cid OHV
1991 - 1991	Ford	F-150	Custom	V8 - 5.8L 351cid OHV
1994 - 1994	Ford	Bronco	XLT	V8 - 5.0L 302cid OHV
1990 - 1990	Ford	E-150 Econoline Club Wagon	Base	V8 - 5.0L 302cid OHV
1992 - 1992	Ford	F-250	XLT	V8 - 5.8L 351cid OHV
1993 - 1993	Ford	E-250 Econoline	XL	V8 - 5.8L 351cid OHV
1991 - 1991	Ford	E-350 Econoline	XLT	V8 - 5.0L 302cid OHV
1994 - 1994	Ford	F-150	Base	V8 - 5.0L 302cid OHV
1990 - 1990	Ford	Bronco	Base	V8 - 5.8L 351cid OHV
1992 - 1992	Ford	E-150 Econoline	XLT	V8 - 5.8L 351cid OHV
1993 - 1993	Ford	F-250	Custom	V8 - 5.8L 351cid OHV
1991 - 1991	Ford	E-250 Econoline	Custom	V8 - 5.8L 351cid OHV
1994 - 1994	Ford	E-350 Econoline	XLT	V8 - 5.0L 302cid OHV
1990 - 1990	Ford	F-150	XLT	V8 - 5.8L 351cid OHV
1992 - 1992	Ford	Bronco	Base	V8 - 5.8L 351cid OHV
1993 - 1993	Ford	E-150 Econoline Club Wagon	XL	V8 - 5.8L 351cid OHV
1991 - 1991	Ford	F-250	Custom	V8 - 5.8L 351cid OHV
1994 - 1994	Ford	E-250 Econoline	XL	V8 - 5.0L 302cid OHV
1990 - 1990	Ford	E-350 Econoline Club Wagon	Custom	V8 - 5.8L 351cid OHV
1992 - 1992	Ford	F-150	Base	V8 - 5.8L 351cid OHV
1993 - 1993	Ford	Bronco	XLT	V8 - 5.8L 351cid OHV
1991 - 1991	Ford	E-150 Econoline	Custom	V8 - 5.8L 351cid OHV
1994 - 1994	Ford	F-250	Base	V8 - 5.8L 351cid OHV
1990 - 1990	Ford	E-250 Econoline	Custom	V8 - 5.0L 302cid OHV
1992 - 1992	Ford	E-350 Econoline	Custom	V8 - 5.0L 302cid OHV
1993 - 1993	Ford	F-150	XL	V8 - 5.8L 351cid OHV
1991 - 1991	Ford	Bronco	XLT	V8 - 5.8L 351cid OHV
1994 - 1994	Ford	E-150 Econoline Club Wagon	Base	V8 - 5.8L 351cid OHV
1990 - 1990	Ford	F-250	XL	V8 - 5.0L 302cid OHV
1992 - 1992	Ford	E-250 Econoline	Custom	V8 - 5.8L 351cid OHV
1993 - 1993	Ford	E-350 Econoline	Base	V8 - 5.8L 351cid OHV
1991 - 1991	Ford	F-150	XLT	V8 - 5.0L 302cid OHV
1994 - 1994	Ford	Bronco	Eddie Bauer	V8 - 5.0L 302cid OHV
1990 - 1990	Ford	E-150 Econoline	Base	V8 - 5.8L 351cid OHV
1992 - 1992	Ford	F-250	Base	V8 - 5.8L 351cid OHV
1993 - 1993	Ford	E-250 Econoline	XLT	V8 - 5.0L 302cid OHV
1991 - 1991	Ford	E-350 Econoline Club Wagon	Custom	V8 - 5.0L 302cid OHV
1994 - 1994	Ford	F-150	Custom	V8 - 5.8L 351cid OHV
1990 - 1990	Ford	Bronco	Custom	V8 - 5.8L 351cid OHV
1992 - 1992	Ford	E-150 Econoline Club Wagon	Base	V8 - 5.8L 351cid OHV
1993 - 1993	Ford	F-250	XL	V8 - 5.8L 351cid OHV
1991 - 1991	Ford	E-250 Econoline	Base	V8 - 5.0L 302cid OHV
1994 - 1994	Ford	E-350 Econoline	XL	V8 - 5.8L 351cid OHV
1990 - 1990	Ford	F-150	Base	V8 - 5.0L 302cid OHV
1992 - 1992	Ford	Bronco	XL	V8 - 5.0L 302cid OHV
1993 - 1993	Ford	E-150 Econoline	Custom	V8 - 5.8L 351cid OHV
1991 - 1991	Ford	F-250	Base	V8 - 5.0L 302cid OHV
1994 - 1994	Ford	E-250 Econoline	XLT	V8 - 5.0L 302cid OHV
1990 - 1990	Ford	E-350 Econoline	XL	V8 - 5.8L 351cid OHV
1992 - 1992	Ford	F-150	Custom	V8 - 5.0L 302cid OHV
1993 - 1993	Ford	Bronco	Base	V8 - 5.0L 302cid OHV
1991 - 1991	Ford	E-150 Econoline Club Wagon	XL	V8 - 5.8L 351cid OHV
1994 - 1994	Ford	F-250	Custom	V8 - 5.8L 351cid OHV
1990 - 1990	Ford	E-250 Econoline	XLT	V8 - 5.0L 302cid OHV
1992 - 1992	Ford	E-350 Econoline Club Wagon	Custom	V8 - 5.8L 351cid OHV
1993 - 1993	Ford	F-150	Custom	V8 - 5.0L 302cid OHV
1991 - 1991	Ford	Bronco	Base	V8 - 5.0L 302cid OHV
1994 - 1994	Ford	E-150 Econoline	XLT	V8 - 5.0L 302cid OHV
1990 - 1990	Ford	F-250	XLT	V8 - 5.8L 351cid OHV
1992 - 1992	Ford	E-250 Econoline	XL	V8 - 5.8L 351cid OHV
1993 - 1993	Ford	E-350 Econoline	XLT	V8 - 5.0L 302cid OHV
1991 - 1991	Ford	F-150	Base	V8 - 5.0L 302cid OHV
1994 - 1994	Ford	Bronco	XL	V8 - 5.8L 351cid OHV
1990 - 1990	Ford	E-150 Econoline Club Wagon	XL	V8 - 5.0L 302cid OHV
1992 - 1992	Ford	F-250	Custom	V8 - 5.8L 351cid OHV
1993 - 1993	Ford	E-250 Econoline	Base	V8 - 5.8L 351cid OHV
1991 - 1991	Ford	E-350 Econoline Club Wagon	Base	V8 - 5.8L 351cid OHV
1994 - 1994	Ford	F-150	XLT	V8 - 5.0L 302cid OHV
1990 - 1990	Ford	Bronco	Eddie Bauer	V8 - 5.8L 351cid OHV
1992 - 1992	Ford	E-150 Econoline	Base	V8 - 5.8L 351cid OHV
1993 - 1993	Ford	F-250	Base	V8 - 5.0L 302cid OHV
1991 - 1991	Ford	E-250 Econoline	XLT	V8 - 5.0L 302cid OHV
1994 - 1994	Ford	E-350 Econoline	Custom	V8 - 5.0L 302cid OHV
1990 - 1990	Ford	F-150	Custom	V8 - 5.0L 302cid OHV
1992 - 1992	Ford	Bronco	Custom	V8 - 5.0L 302cid OHV
1993 - 1993	Ford	E-150 Econoline Club Wagon	Custom	V8 - 5.8L 351cid OHV
1991 - 1991	Ford	F-250	XLT	V8 - 5.0L 302cid OHV
1994 - 1994	Ford	E-250 Econoline	Base	V8 - 5.0L 302cid OHV
1990 - 1990	Ford	E-350 Econoline	Base	V8 - 5.0L 302cid OHV
1992 - 1992	Ford	F-150	XL	V8 - 5.8L 351cid OHV
1993 - 1993	Ford	Bronco	Eddie Bauer	V8 - 5.8L 351cid OHV
1991 - 1991	Ford	E-150 Econoline	XL	V8 - 5.8L 351cid OHV
1994 - 1994	Ford	F-250	XL	V8 - 5.0L 302cid OHV
1990 - 1990	Ford	E-250 Econoline	XL	V8 - 5.0L 302cid OHV
1992 - 1992	Ford	E-350 Econoline	XLT	V8 - 5.8L 351cid OHV
1993 - 1993	Ford	F-150	XLT	V8 - 5.8L 351cid OHV
1991 - 1991	Ford	Bronco	Custom	V8 - 5.0L 302cid OHV
1994 - 1994	Ford	E-150 Econoline Club Wagon	XL	V8 - 5.0L 302cid OHV
1990 - 1990	Ford	F-250	Base	V8 - 5.0L 302cid OHV
1992 - 1992	Ford	E-250 Econoline	Base	V8 - 5.8L 351cid OHV
1993 - 1993	Ford	E-350 Econoline Club Wagon	XLT	V8 - 5.8L 351cid OHV
1991 - 1991	Ford	F-150	XL	V8 - 5.0L 302cid OHV
1994 - 1994	Ford	Bronco	Base	V8 - 5.8L 351cid OHV
1990 - 1990	Ford	E-150 Econoline	Custom	V8 - 5.0L 302cid OHV
1992 - 1992	Ford	F-250	XL	V8 - 5.8L 351cid OHV
1993 - 1993	Ford	E-250 Econoline	Custom	V8 - 5.8L 351cid OHV
1991 - 1991	Ford	E-350 Econoline	Base	V8 - 5.0L 302cid OHV
1994 - 1994	Ford	F-150	XL	V8 - 5.8L 351cid OHV
1990 - 1990	Ford	Bronco	XLT	V8 - 5.0L 302cid OHV
1992 - 1992	Ford	E-150 Econoline Club Wagon	Custom	V8 - 5.0L 302cid OHV
1993 - 1993	Ford	F-250	XLT	V8 - 5.0L 302cid OHV
1991 - 1991	Ford	E-250 Econoline	XL	V8 - 5.8L 351cid OHV
1994 - 1994	Ford	E-350 Econoline Club Wagon	Custom	V8 - 5.8L 351cid OHV
1990 - 1990	Ford	F-150	XL	V8 - 5.8L 351cid OHV
1992 - 1992	Ford	Bronco	XLT	V8 - 5.8L 351cid OHV
1993 - 1993	Ford	E-150 Econoline	Base	V8 - 5.8L 351cid OHV
1991 - 1991	Ford	F-250	Custom	V8 - 5.0L 302cid OHV
1994 - 1994	Ford	E-250 Econoline	Custom	V8 - 5.8L 351cid OHV
1990 - 1990	Ford	E-350 Econoline	Custom	V8 - 5.8L 351cid OHV
1992 - 1992	Ford	F-150	Base	V8 - 5.0L 302cid OHV
1993 - 1993	Ford	Bronco	XL	V8 - 5.8L 351cid OHV
1991 - 1991	Ford	E-150 Econoline Club Wagon	Base	V8 - 5.0L 302cid OHV
1994 - 1994	Ford	F-250	Base	V8 - 5.0L 302cid OHV
1990 - 1990	Ford	E-250 Econoline	Base	V8 - 5.0L 302cid OHV
1992 - 1992	Ford	E-350 Econoline	Base	V8 - 5.8L 351cid OHV
1993 - 1993	Ford	F-150	Custom	V8 - 5.8L 351cid OHV
1991 - 1991	Ford	Bronco	XL	V8 - 5.8L 351cid OHV
1994 - 1994	Ford	E-150 Econoline	Custom	V8 - 5.8L 351cid OHV
1990 - 1990	Ford	F-250	Custom	V8 - 5.0L 302cid OHV
1992 - 1992	Ford	E-250 Econoline	XLT	V8 - 5.8L 351cid OHV
1993 - 1993	Ford	E-350 Econoline	XL	V8 - 5.8L 351cid OHV
1991 - 1991	Ford	F-150	Custom	V8 - 5.0L 302cid OHV
1994 - 1994	Ford	Bronco	Custom	V8 - 5.0L 302cid OHV
1990 - 1990	Ford	E-150 Econoline Club Wagon	Custom	V8 - 5.0L 302cid OHV
1992 - 1992	Ford	F-250	Base	V8 - 5.0L 302cid OHV
1993 - 1993	Ford	E-250 Econoline	XL	V8 - 5.0L 302cid OHV
1991 - 1991	Ford	E-350 Econoline Club Wagon	XL	V8 - 5.8L 351cid OHV
1994 - 1994	Ford	F-150	Base	V8 - 5.8L 351cid OHV
1990 - 1990	Ford	Bronco	Base	V8 - 5.0L 302cid OHV
1992 - 1992	Ford	E-150 Econoline	XL	V8 - 5.0L 302cid OHV
1993 - 1993	Ford	F-250	Custom	V8 - 5.0L 302cid OHV
1991 - 1991	Ford	E-250 Econoline	Custom	V8 - 5.0L 302cid OHV
1994 - 1994	Ford	E-350 Econoline	Base	V8 - 5.0L 302cid OHV
1990 - 1990	Ford	F-150	XLT	V8 - 5.0L 302cid OHV
1992 - 1992	Ford	Bronco	Eddie Bauer	V8 - 5.0L 302cid OHV
1993 - 1993	Ford	E-150 Econoline Club Wagon	XLT	V8 - 5.0L 302cid OHV
1991 - 1991	Ford	F-250	XL	V8 - 5.8L 351cid OHV
1994 - 1994	Ford	E-250 Econoline	XLT	V8 - 5.8L 351cid OHV
1990 - 1990	Ford	E-350 Econoline Club Wagon	XLT	V8 - 5.0L 302cid OHV
1992 - 1992	Ford	F-150	XLT	V8 - 5.8L 351cid OHV
1993 - 1993	Ford	Bronco	Custom	V8 - 5.8L 351cid OHV
1991 - 1991	Ford	E-150 Econoline	XLT	V8 - 5.0L 302cid OHV
1994 - 1994	Ford	F-250	XLT	V8 - 5.8L 351cid OHV
1990 - 1990	Ford	E-250 Econoline	Custom	V8 - 5.8L 351cid OHV
1992 - 1992	Ford	E-350 Econoline Club Wagon	XL	V8 - 5.8L 351cid OHV
1993 - 1993	Ford	F-150	Base	V8 - 5.8L 351cid OHV
1991 - 1991	Ford	Bronco	XLT	V8 - 5.0L 302cid OHV
1994 - 1994	Ford	E-150 Econoline Club Wagon	Custom	V8 - 5.8L 351cid OHV
1990 - 1990	Ford	F-250	XL	V8 - 5.8L 351cid OHV
1992 - 1992	Ford	E-250 Econoline	Custom	V8 - 5.0L 302cid OHV
1993 - 1993	Ford	E-350 Econoline	Custom	V8 - 5.8L 351cid OHV
1991 - 1991	Ford	F-150	XLT	V8 - 5.8L 351cid OHV
1994 - 1994	Ford	Bronco	XLT	V8 - 5.8L 351cid OHV
1990 - 1990	Ford	E-150 Econoline	XLT	V8 - 5.0L 302cid OHV
1992 - 1992	Ford	F-250	XLT	V8 - 5.0L 302cid OHV
1993 - 1993	Ford	E-250 Econoline	Base	V8 - 5.0L 302cid OHV
1991 - 1991	Ford	E-350 Econoline	Custom	V8 - 5.0L 302cid OHV
1994 - 1994	Ford	F-150	Custom	V8 - 5.0L 302cid OHV
